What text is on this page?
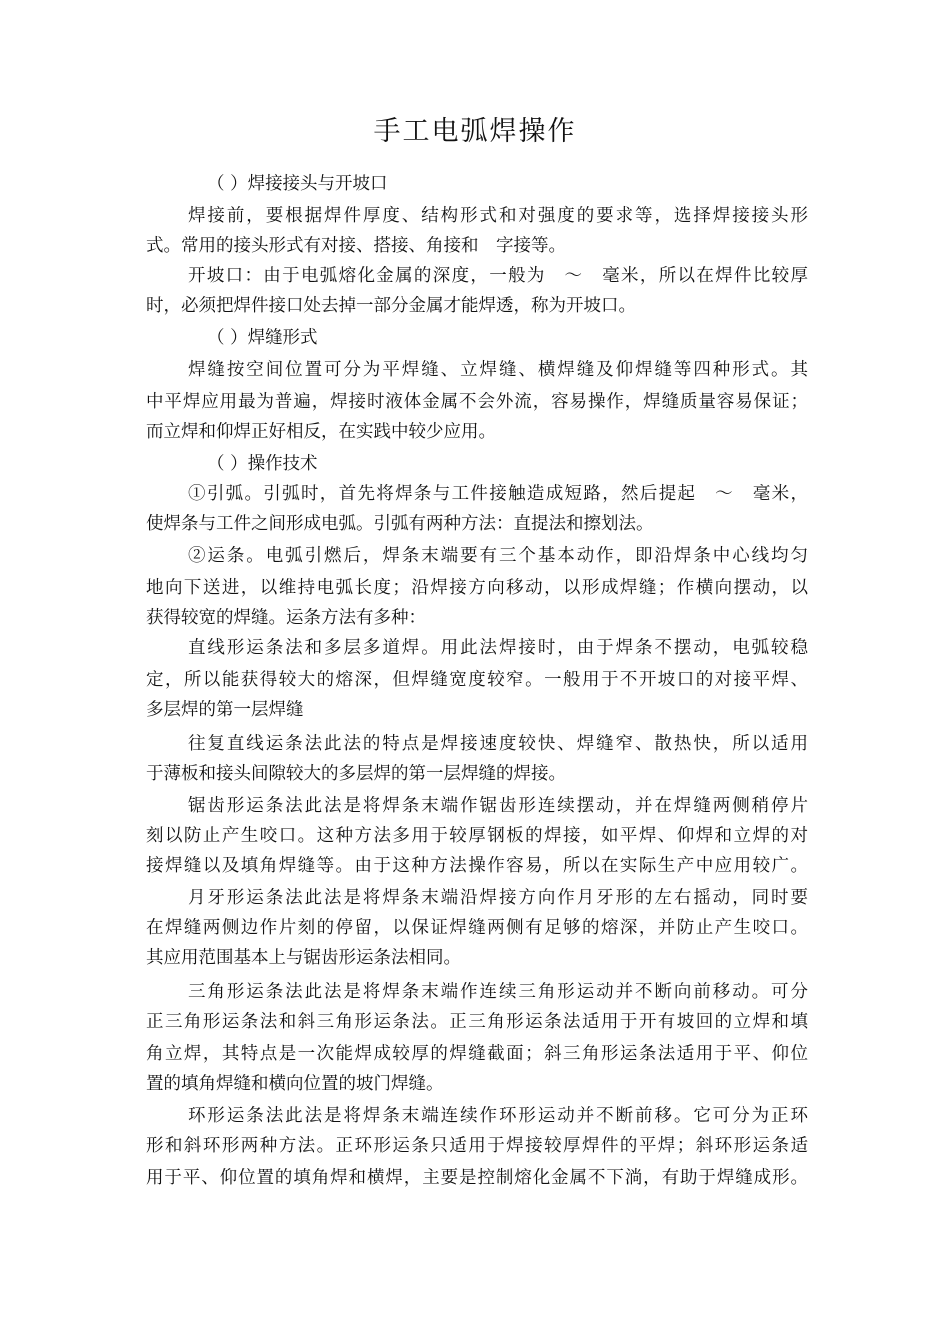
手工电弧焊操作
（ ）焊接接头与开坡口
焊接前，要根据焊件厚度、结构形式和对强度的要求等，选择焊接接头形
式。常用的接头形式有对接、搭接、角接和　字接等。
开坡口：由于电弧熔化金属的深度，一般为　～　毫米，所以在焊件比较厚
时，必须把焊件接口处去掉一部分金属才能焊透，称为开坡口。
（ ）焊缝形式
焊缝按空间位置可分为平焊缝、立焊缝、横焊缝及仰焊缝等四种形式。其
中平焊应用最为普遍，焊接时液体金属不会外流，容易操作，焊缝质量容易保证；
而立焊和仰焊正好相反，在实践中较少应用。
（ ）操作技术
①引弧。引弧时，首先将焊条与工件接触造成短路，然后提起　～　毫米，
使焊条与工件之间形成电弧。引弧有两种方法：直提法和擦划法。
②运条。电弧引燃后，焊条末端要有三个基本动作，即沿焊条中心线均匀
地向下送进，以维持电弧长度；沿焊接方向移动，以形成焊缝；作横向摆动，以
获得较宽的焊缝。运条方法有多种：
直线形运条法和多层多道焊。用此法焊接时，由于焊条不摆动，电弧较稳
定，所以能获得较大的熔深，但焊缝宽度较窄。一般用于不开坡口的对接平焊、
多层焊的第一层焊缝
往复直线运条法此法的特点是焊接速度较快、焊缝窄、散热快，所以适用
于薄板和接头间隙较大的多层焊的第一层焊缝的焊接。
锯齿形运条法此法是将焊条末端作锯齿形连续摆动，并在焊缝两侧稍停片
刻以防止产生咬口。这种方法多用于较厚钢板的焊接，如平焊、仰焊和立焊的对
接焊缝以及填角焊缝等。由于这种方法操作容易，所以在实际生产中应用较广。
月牙形运条法此法是将焊条末端沿焊接方向作月牙形的左右摇动，同时要
在焊缝两侧边作片刻的停留，以保证焊缝两侧有足够的熔深，并防止产生咬口。
其应用范围基本上与锯齿形运条法相同。
三角形运条法此法是将焊条末端作连续三角形运动并不断向前移动。可分
正三角形运条法和斜三角形运条法。正三角形运条法适用于开有坡回的立焊和填
角立焊，其特点是一次能焊成较厚的焊缝截面；斜三角形运条法适用于平、仰位
置的填角焊缝和横向位置的坡门焊缝。
环形运条法此法是将焊条末端连续作环形运动并不断前移。它可分为正环
形和斜环形两种方法。正环形运条只适用于焊接较厚焊件的平焊；斜环形运条适
用于平、仰位置的填角焊和横焊，主要是控制熔化金属不下淌，有助于焊缝成形。
